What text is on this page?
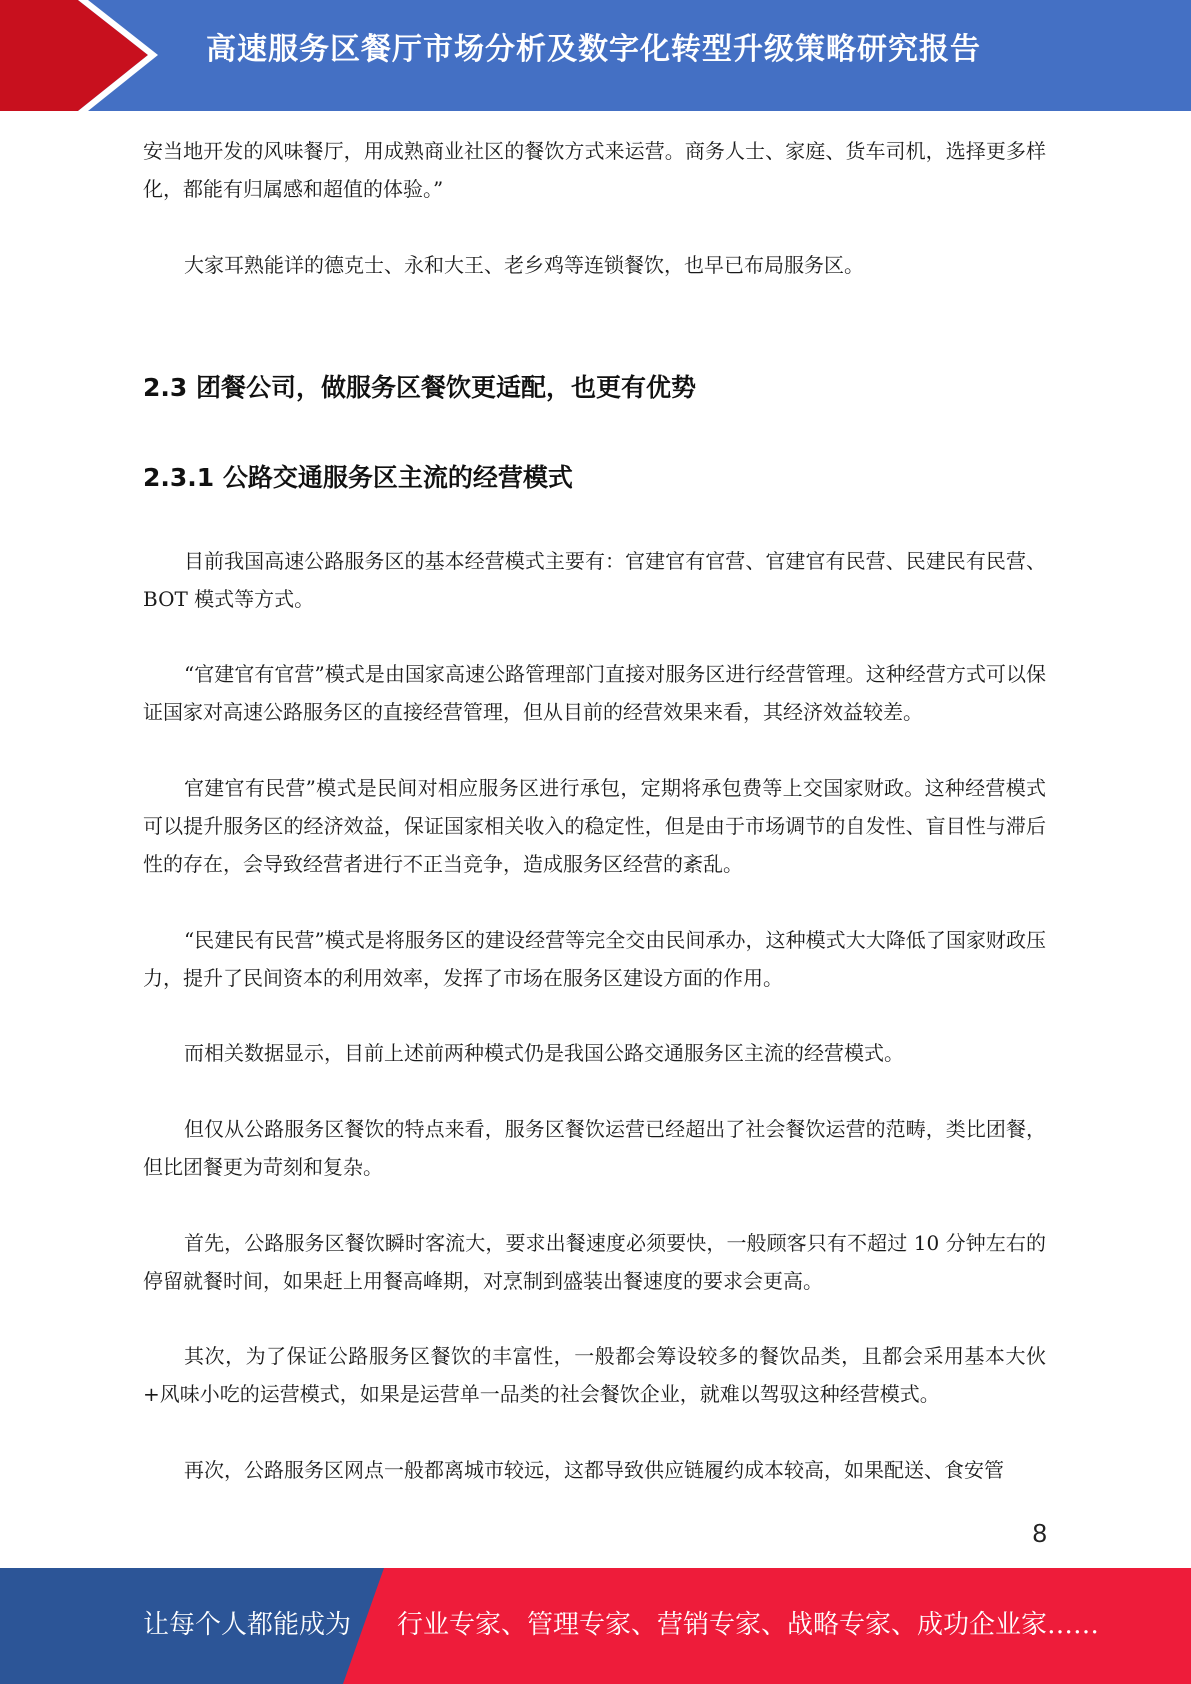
高速服务区餐厅市场分析及数字化转型升级策略研究报告

安当地开发的风味餐厅，用成熟商业社区的餐饮方式来运营。商务人士、家庭、货车司机，选择更多样化，都能有归属感和超值的体验。”

大家耳熟能详的德克士、永和大王、老乡鸡等连锁餐饮，也早已布局服务区。

2.3 团餐公司，做服务区餐饮更适配，也更有优势
2.3.1 公路交通服务区主流的经营模式

目前我国高速公路服务区的基本经营模式主要有：官建官有官营、官建官有民营、民建民有民营、BOT 模式等方式。

“官建官有官营”模式是由国家高速公路管理部门直接对服务区进行经营管理。这种经营方式可以保证国家对高速公路服务区的直接经营管理，但从目前的经营效果来看，其经济效益较差。

官建官有民营”模式是民间对相应服务区进行承包，定期将承包费等上交国家财政。这种经营模式可以提升服务区的经济效益，保证国家相关收入的稳定性，但是由于市场调节的自发性、盲目性与滞后性的存在，会导致经营者进行不正当竞争，造成服务区经营的紊乱。

“民建民有民营”模式是将服务区的建设经营等完全交由民间承办，这种模式大大降低了国家财政压力，提升了民间资本的利用效率，发挥了市场在服务区建设方面的作用。

而相关数据显示，目前上述前两种模式仍是我国公路交通服务区主流的经营模式。

但仅从公路服务区餐饮的特点来看，服务区餐饮运营已经超出了社会餐饮运营的范畴，类比团餐，但比团餐更为苛刻和复杂。

首先，公路服务区餐饮瞬时客流大，要求出餐速度必须要快，一般顾客只有不超过 10 分钟左右的停留就餐时间，如果赶上用餐高峰期，对烹制到盛装出餐速度的要求会更高。

其次，为了保证公路服务区餐饮的丰富性，一般都会筹设较多的餐饮品类，且都会采用基本大伙+风味小吃的运营模式，如果是运营单一品类的社会餐饮企业，就难以驾驭这种经营模式。

再次，公路服务区网点一般都离城市较远，这都导致供应链履约成本较高，如果配送、食安管

8
让每个人都能成为 行业专家、管理专家、营销专家、战略专家、成功企业家……
